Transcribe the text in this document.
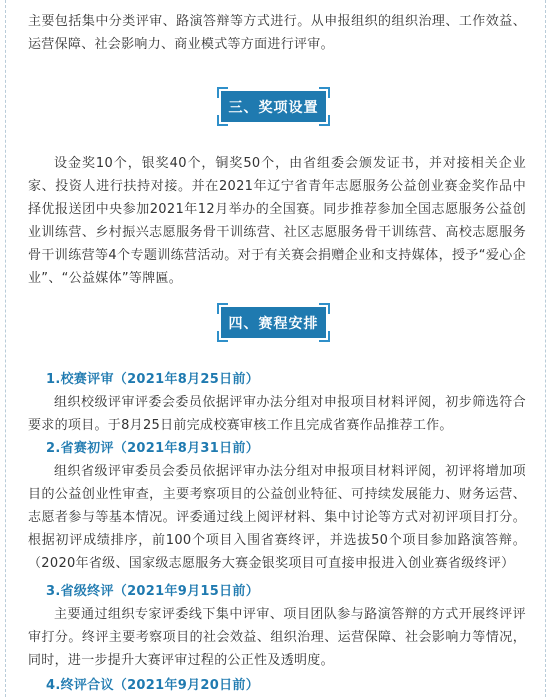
主要包括集中分类评审、路演答辩等方式进行。从申报组织的组织治理、工作效益、运营保障、社会影响力、商业模式等方面进行评审。

三、奖项设置

设金奖10个，银奖40个，铜奖50个，由省组委会颁发证书，并对接相关企业家、投资人进行扶持对接。并在2021年辽宁省青年志愿服务公益创业赛金奖作品中择优报送团中央参加2021年12月举办的全国赛。同步推荐参加全国志愿服务公益创业训练营、乡村振兴志愿服务骨干训练营、社区志愿服务骨干训练营、高校志愿服务骨干训练营等4个专题训练营活动。对于有关赛会捐赠企业和支持媒体，授予“爱心企业”、“公益媒体”等牌匾。

四、赛程安排

1.校赛评审（2021年8月25日前）

组织校级评审评委会委员依据评审办法分组对申报项目材料评阅，初步筛选符合要求的项目。于8月25日前完成校赛审核工作且完成省赛作品推荐工作。

2.省赛初评（2021年8月31日前）

组织省级评审委员会委员依据评审办法分组对申报项目材料评阅，初评将增加项目的公益创业性审查，主要考察项目的公益创业特征、可持续发展能力、财务运营、志愿者参与等基本情况。评委通过线上阅评材料、集中讨论等方式对初评项目打分。根据初评成绩排序，前100个项目入围省赛终评，并选拔50个项目参加路演答辩。（2020年省级、国家级志愿服务大赛金银奖项目可直接申报进入创业赛省级终评）

3.省级终评（2021年9月15日前）

主要通过组织专家评委线下集中评审、项目团队参与路演答辩的方式开展终评评审打分。终评主要考察项目的社会效益、组织治理、运营保障、社会影响力等情况，同时，进一步提升大赛评审过程的公正性及透明度。

4.终评合议（2021年9月20日前）
